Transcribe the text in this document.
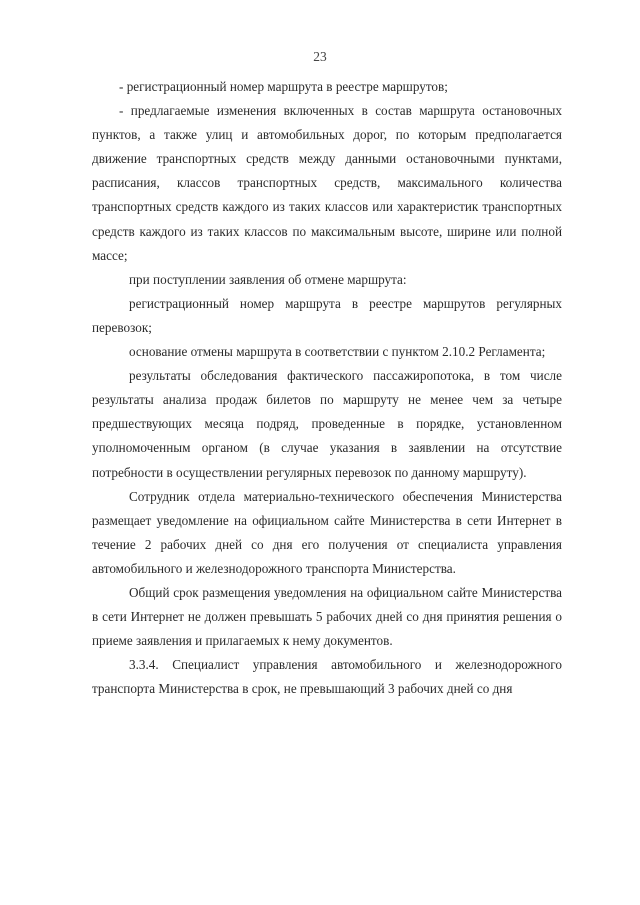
23

- регистрационный номер маршрута в реестре маршрутов;

- предлагаемые изменения включенных в состав маршрута остановочных пунктов, а также улиц и автомобильных дорог, по которым предполагается движение транспортных средств между данными остановочными пунктами, расписания, классов транспортных средств, максимального количества транспортных средств каждого из таких классов или характеристик транспортных средств каждого из таких классов по максимальным высоте, ширине или полной массе;

при поступлении заявления об отмене маршрута:

регистрационный номер маршрута в реестре маршрутов регулярных перевозок;

основание отмены маршрута в соответствии с пунктом 2.10.2 Регламента;

результаты обследования фактического пассажиропотока, в том числе результаты анализа продаж билетов по маршруту не менее чем за четыре предшествующих месяца подряд, проведенные в порядке, установленном уполномоченным органом (в случае указания в заявлении на отсутствие потребности в осуществлении регулярных перевозок по данному маршруту).

Сотрудник отдела материально-технического обеспечения Министерства размещает уведомление на официальном сайте Министерства в сети Интернет в течение 2 рабочих дней со дня его получения от специалиста управления автомобильного и железнодорожного транспорта Министерства.

Общий срок размещения уведомления на официальном сайте Министерства в сети Интернет не должен превышать 5 рабочих дней со дня принятия решения о приеме заявления и прилагаемых к нему документов.

3.3.4. Специалист управления автомобильного и железнодорожного транспорта Министерства в срок, не превышающий 3 рабочих дней со дня
